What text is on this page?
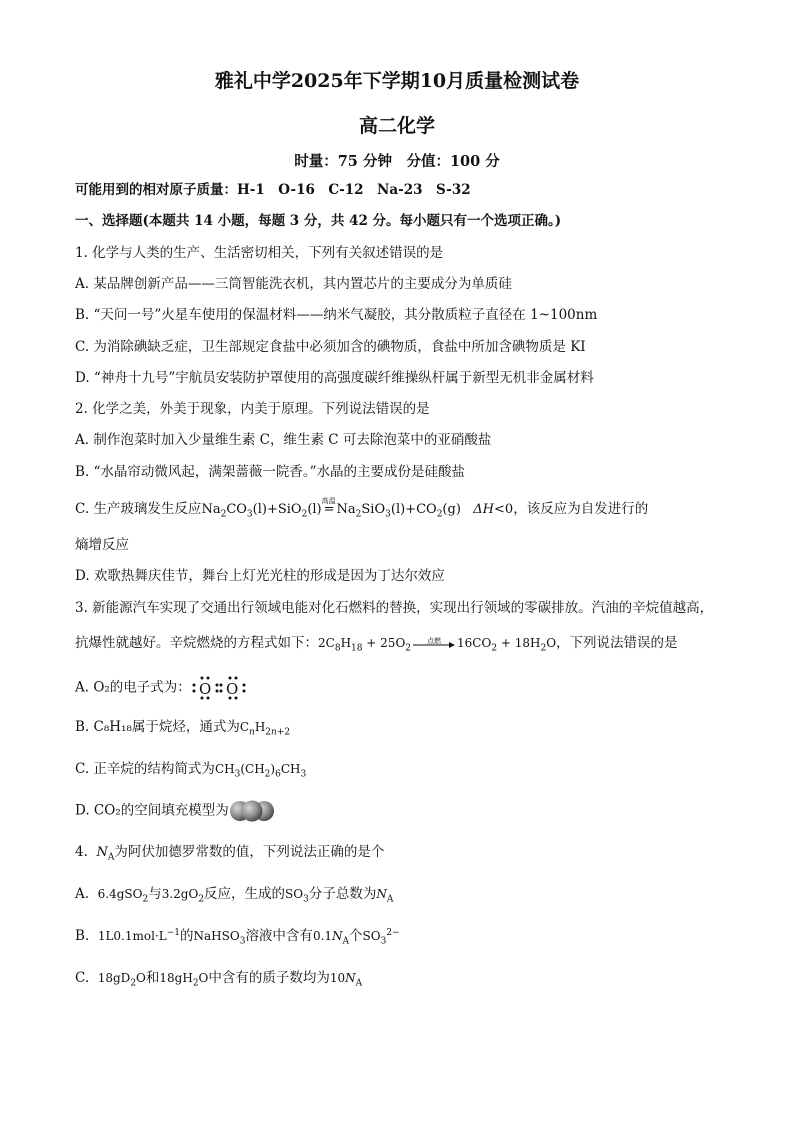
雅礼中学2025年下学期10月质量检测试卷
高二化学
时量：75 分钟　分值：100 分
可能用到的相对原子质量：H-1　O-16　C-12　Na-23　S-32
一、选择题(本题共 14 小题，每题 3 分，共 42 分。每小题只有一个选项正确。)
1. 化学与人类的生产、生活密切相关，下列有关叙述错误的是
A. 某品牌创新产品——三筒智能洗衣机，其内置芯片的主要成分为单质硅
B. “天问一号”火星车使用的保温材料——纳米气凝胶，其分散质粒子直径在 1~100nm
C. 为消除碘缺乏症，卫生部规定食盐中必须加含的碘物质，食盐中所加含碘物质是 KI
D. “神舟十九号”宇航员安装防护罩使用的高强度碳纤维操纵杆属于新型无机非金属材料
2. 化学之美，外美于现象，内美于原理。下列说法错误的是
A. 制作泡菜时加入少量维生素 C，维生素 C 可去除泡菜中的亚硝酸盐
B. “水晶帘动微风起，满架蔷薇一院香。”水晶的主要成份是硅酸盐
C. 生产玻璃发生反应$Na_2CO_3(l)+SiO_2(l)$
高温
= $Na_2SiO_3(l)+CO_2(g)$   ΔH<0，该反应为自发进行的
熵增反应
D. 欢歌热舞庆佳节，舞台上灯光光柱的形成是因为丁达尔效应
3. 新能源汽车实现了交通出行领域电能对化石燃料的替换，实现出行领域的零碳排放。汽油的辛烷值越高，
抗爆性就越好。辛烷燃烧的方程式如下：$2C_8H_{18} + 25O_2$
点燃	$16CO_2 + 18H_2O$，下列说法错误的是
A. O₂的电子式为： O O
B. C₈H₁₈属于烷烃，通式为$C_nH_{2n+2}$
C. 正辛烷的结构简式为$CH_3(CH_2)_6CH_3$
D. CO₂的空间填充模型为
4.  $N_A$为阿伏加德罗常数的值，下列说法正确的是个
A. 6.4gSO$_2$与$3.2gO_2$反应，生成的$SO_3$分子总数为$N_A$
B. $1L0.1mol\cdot L^{-1}$的NaHSO$_3$溶液中含有$0.1N_A$个$SO_3^{2-}$
C. $18gD_2O$和$18gH_2O$中含有的质子数均为$10N_A$
